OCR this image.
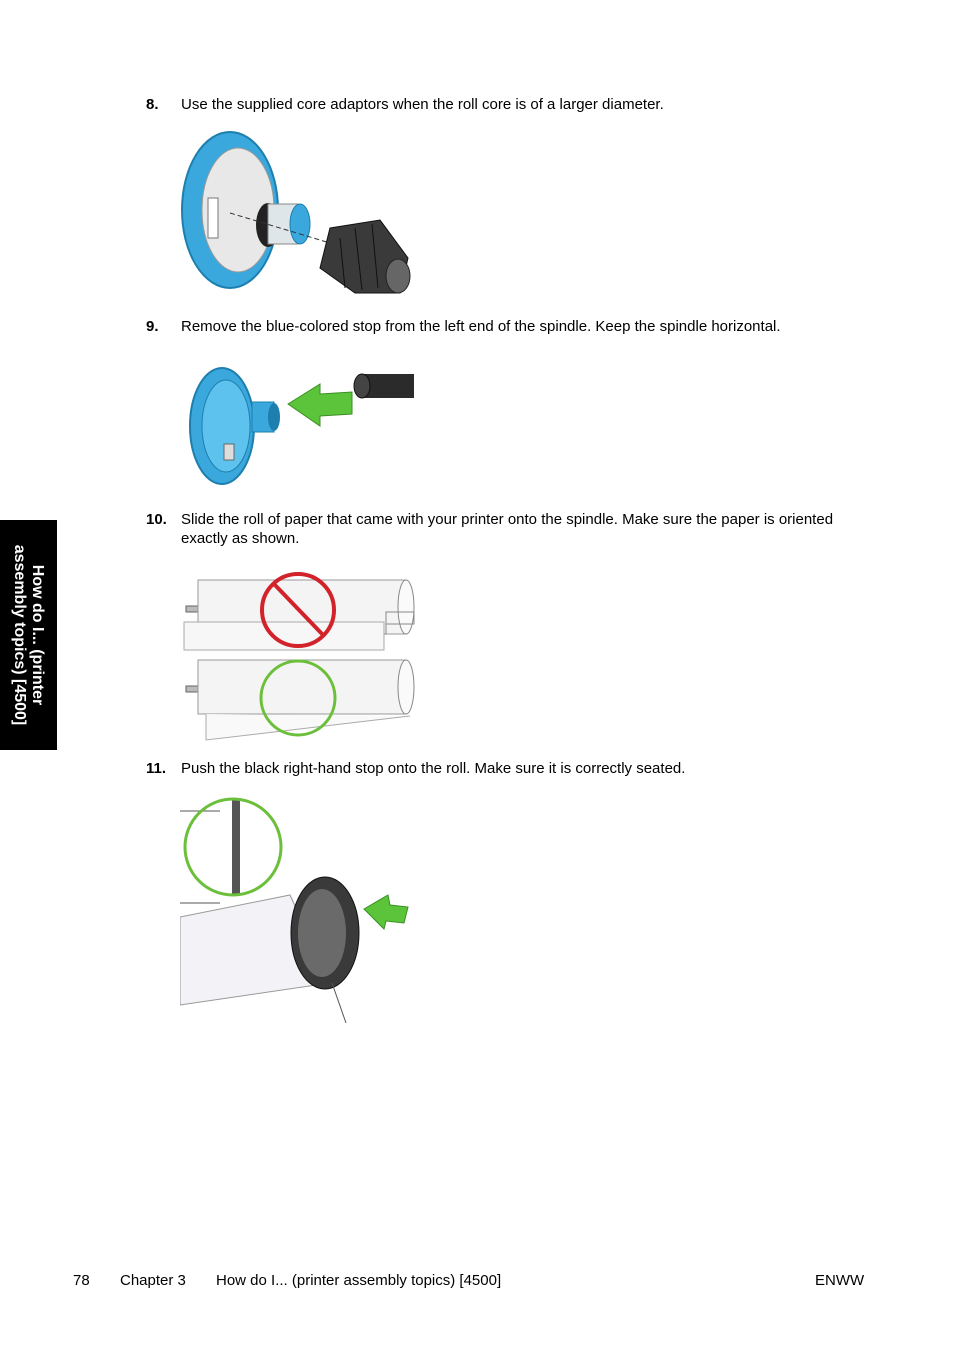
8. Use the supplied core adaptors when the roll core is of a larger diameter.
9. Remove the blue-colored stop from the left end of the spindle. Keep the spindle horizontal.
10. Slide the roll of paper that came with your printer onto the spindle. Make sure the paper is oriented exactly as shown.
11. Push the black right-hand stop onto the roll. Make sure it is correctly seated.
How do I... (printer
assembly topics) [4500]
78 Chapter 3 How do I... (printer assembly topics) [4500]	ENWW
